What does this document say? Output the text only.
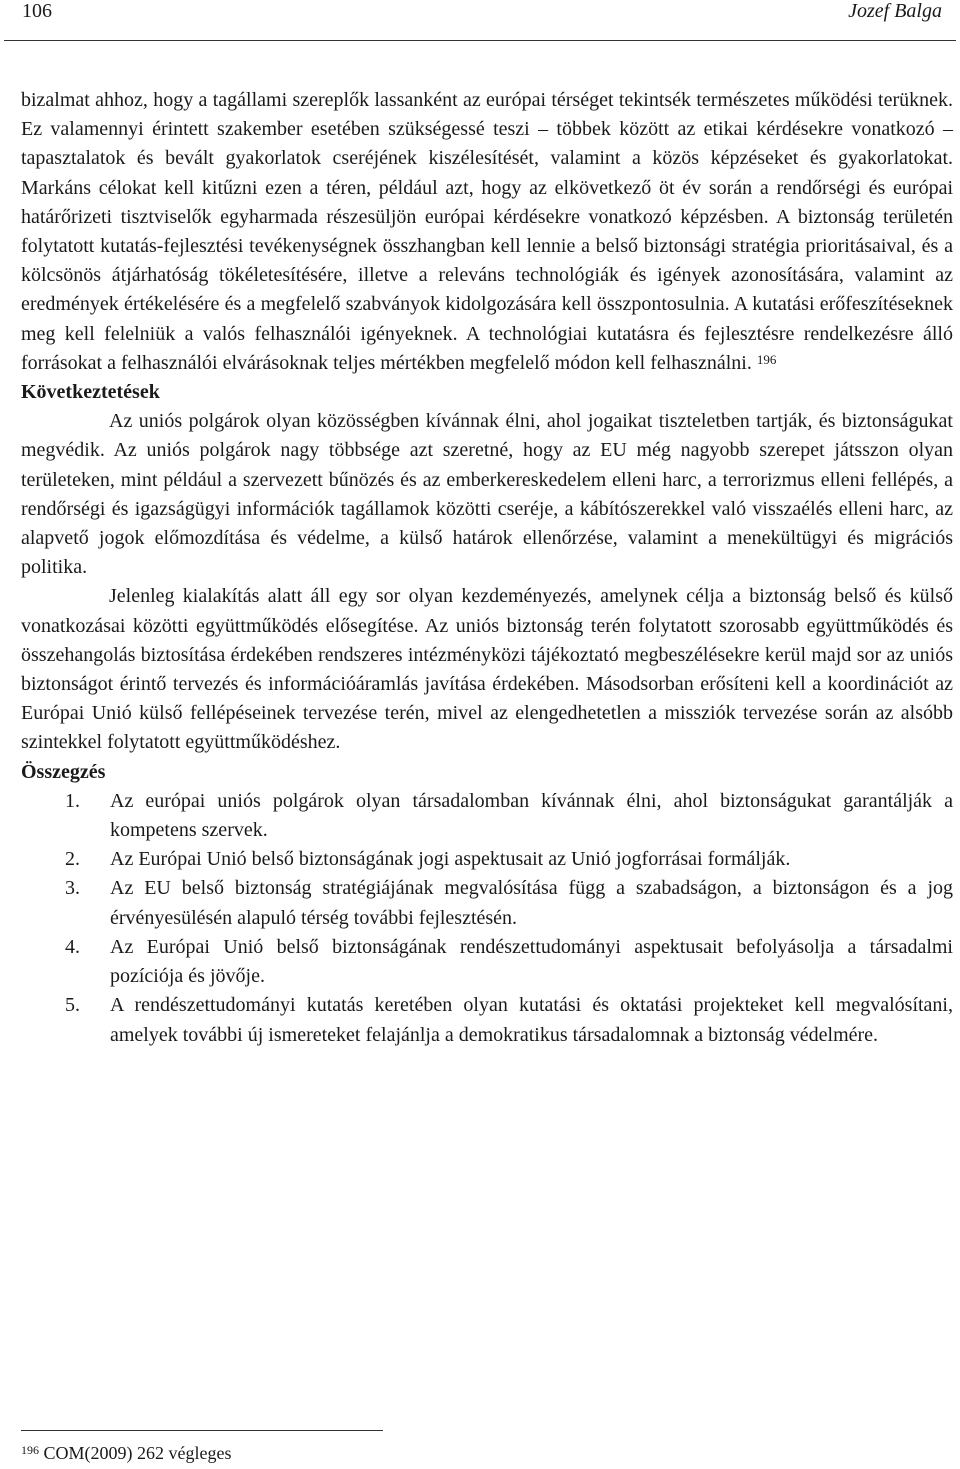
106	Jozef Balga

bizalmat ahhoz, hogy a tagállami szereplők lassanként az európai térséget tekintsék természetes működési terüknek. Ez valamennyi érintett szakember esetében szükségessé teszi – többek között az etikai kérdésekre vonatkozó – tapasztalatok és bevált gyakorlatok cseréjének kiszélesítését, valamint a közös képzéseket és gyakorlatokat. Markáns célokat kell kitűzni ezen a téren, például azt, hogy az elkövetkező öt év során a rendőrségi és európai határőrizeti tisztviselők egyharmada részesüljön európai kérdésekre vonatkozó képzésben. A biztonság területén folytatott kutatás-fejlesztési tevékenységnek összhangban kell lennie a belső biztonsági stratégia prioritásaival, és a kölcsönös átjárhatóság tökéletesítésére, illetve a releváns technológiák és igények azonosítására, valamint az eredmények értékelésére és a megfelelő szabványok kidolgozására kell összpontosulnia. A kutatási erőfeszítéseknek meg kell felelniük a valós felhasználói igényeknek. A technológiai kutatásra és fejlesztésre rendelkezésre álló forrásokat a felhasználói elvárásoknak teljes mértékben megfelelő módon kell felhasználni. $^{196}$

Következtetések

Az uniós polgárok olyan közösségben kívánnak élni, ahol jogaikat tiszteletben tartják, és biztonságukat megvédik. Az uniós polgárok nagy többsége azt szeretné, hogy az EU még nagyobb szerepet játsszon olyan területeken, mint például a szervezett bűnözés és az emberkereskedelem elleni harc, a terrorizmus elleni fellépés, a rendőrségi és igazságügyi információk tagállamok közötti cseréje, a kábítószerekkel való visszaélés elleni harc, az alapvető jogok előmozdítása és védelme, a külső határok ellenőrzése, valamint a menekültügyi és migrációs politika.

Jelenleg kialakítás alatt áll egy sor olyan kezdeményezés, amelynek célja a biztonság belső és külső vonatkozásai közötti együttműködés elősegítése. Az uniós biztonság terén folytatott szorosabb együttműködés és összehangolás biztosítása érdekében rendszeres intézményközi tájékoztató megbeszélésekre kerül majd sor az uniós biztonságot érintő tervezés és információáramlás javítása érdekében. Másodsorban erősíteni kell a koordinációt az Európai Unió külső fellépéseinek tervezése terén, mivel az elengedhetetlen a missziók tervezése során az alsóbb szintekkel folytatott együttműködéshez.

Összegzés
1.	Az európai uniós polgárok olyan társadalomban kívánnak élni, ahol biztonságukat garantálják a kompetens szervek.
2.	Az Európai Unió belső biztonságának jogi aspektusait az Unió jogforrásai formálják.
3.	Az EU belső biztonság stratégiájának megvalósítása függ a szabadságon, a biztonságon és a jog érvényesülésén alapuló térség további fejlesztésén.
4.	Az Európai Unió belső biztonságának rendészettudományi aspektusait befolyásolja a társadalmi pozíciója és jövője.
5.	A rendészettudományi kutatás keretében olyan kutatási és oktatási projekteket kell megvalósítani, amelyek további új ismereteket felajánlja a demokratikus társadalomnak a biztonság védelmére.
$^{196}$ COM(2009) 262 végleges
